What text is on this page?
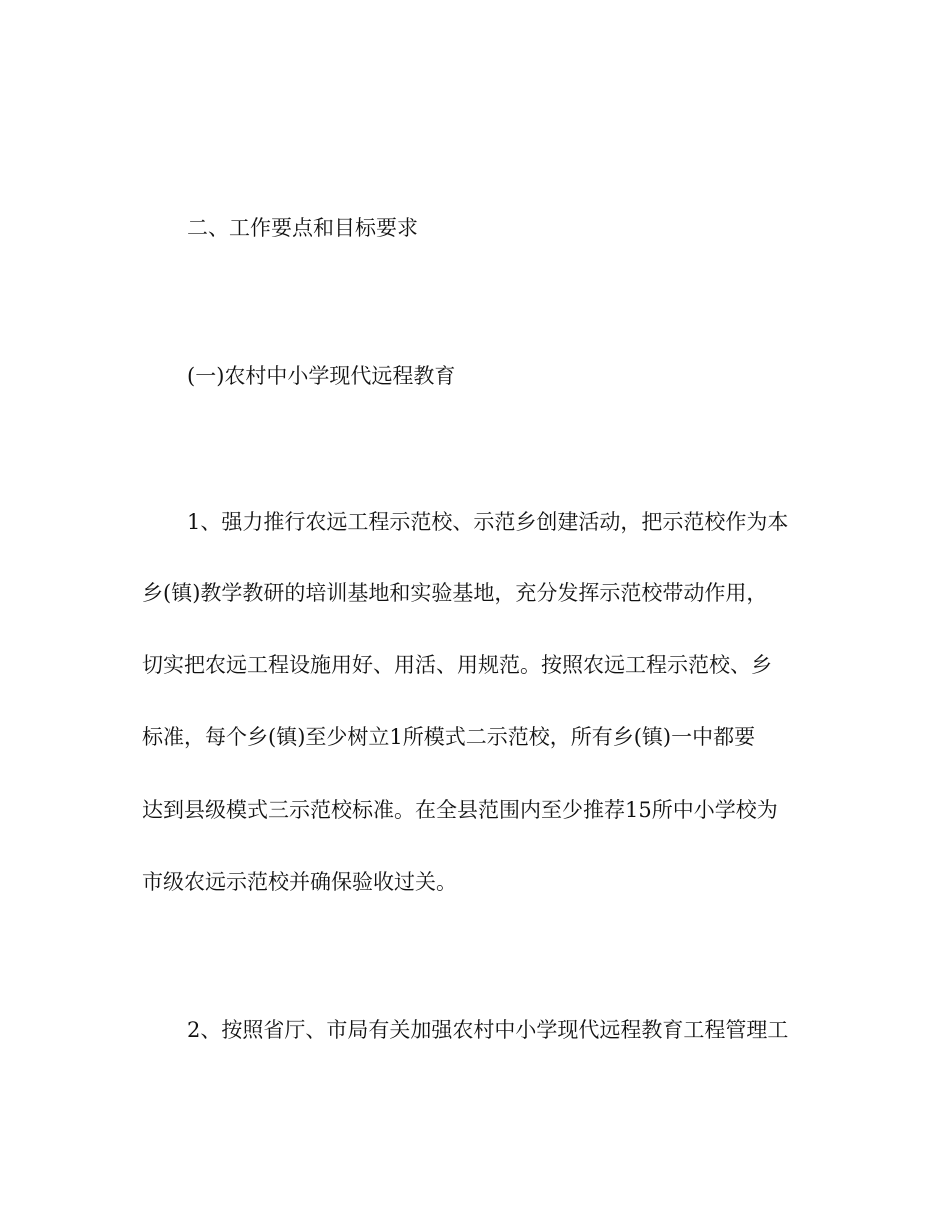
二、工作要点和目标要求
(一)农村中小学现代远程教育
1、强力推行农远工程示范校、示范乡创建活动，把示范校作为本
乡(镇)教学教研的培训基地和实验基地，充分发挥示范校带动作用，
切实把农远工程设施用好、用活、用规范。按照农远工程示范校、乡
标准，每个乡(镇)至少树立1所模式二示范校，所有乡(镇)一中都要
达到县级模式三示范校标准。在全县范围内至少推荐15所中小学校为
市级农远示范校并确保验收过关。
2、按照省厅、市局有关加强农村中小学现代远程教育工程管理工
